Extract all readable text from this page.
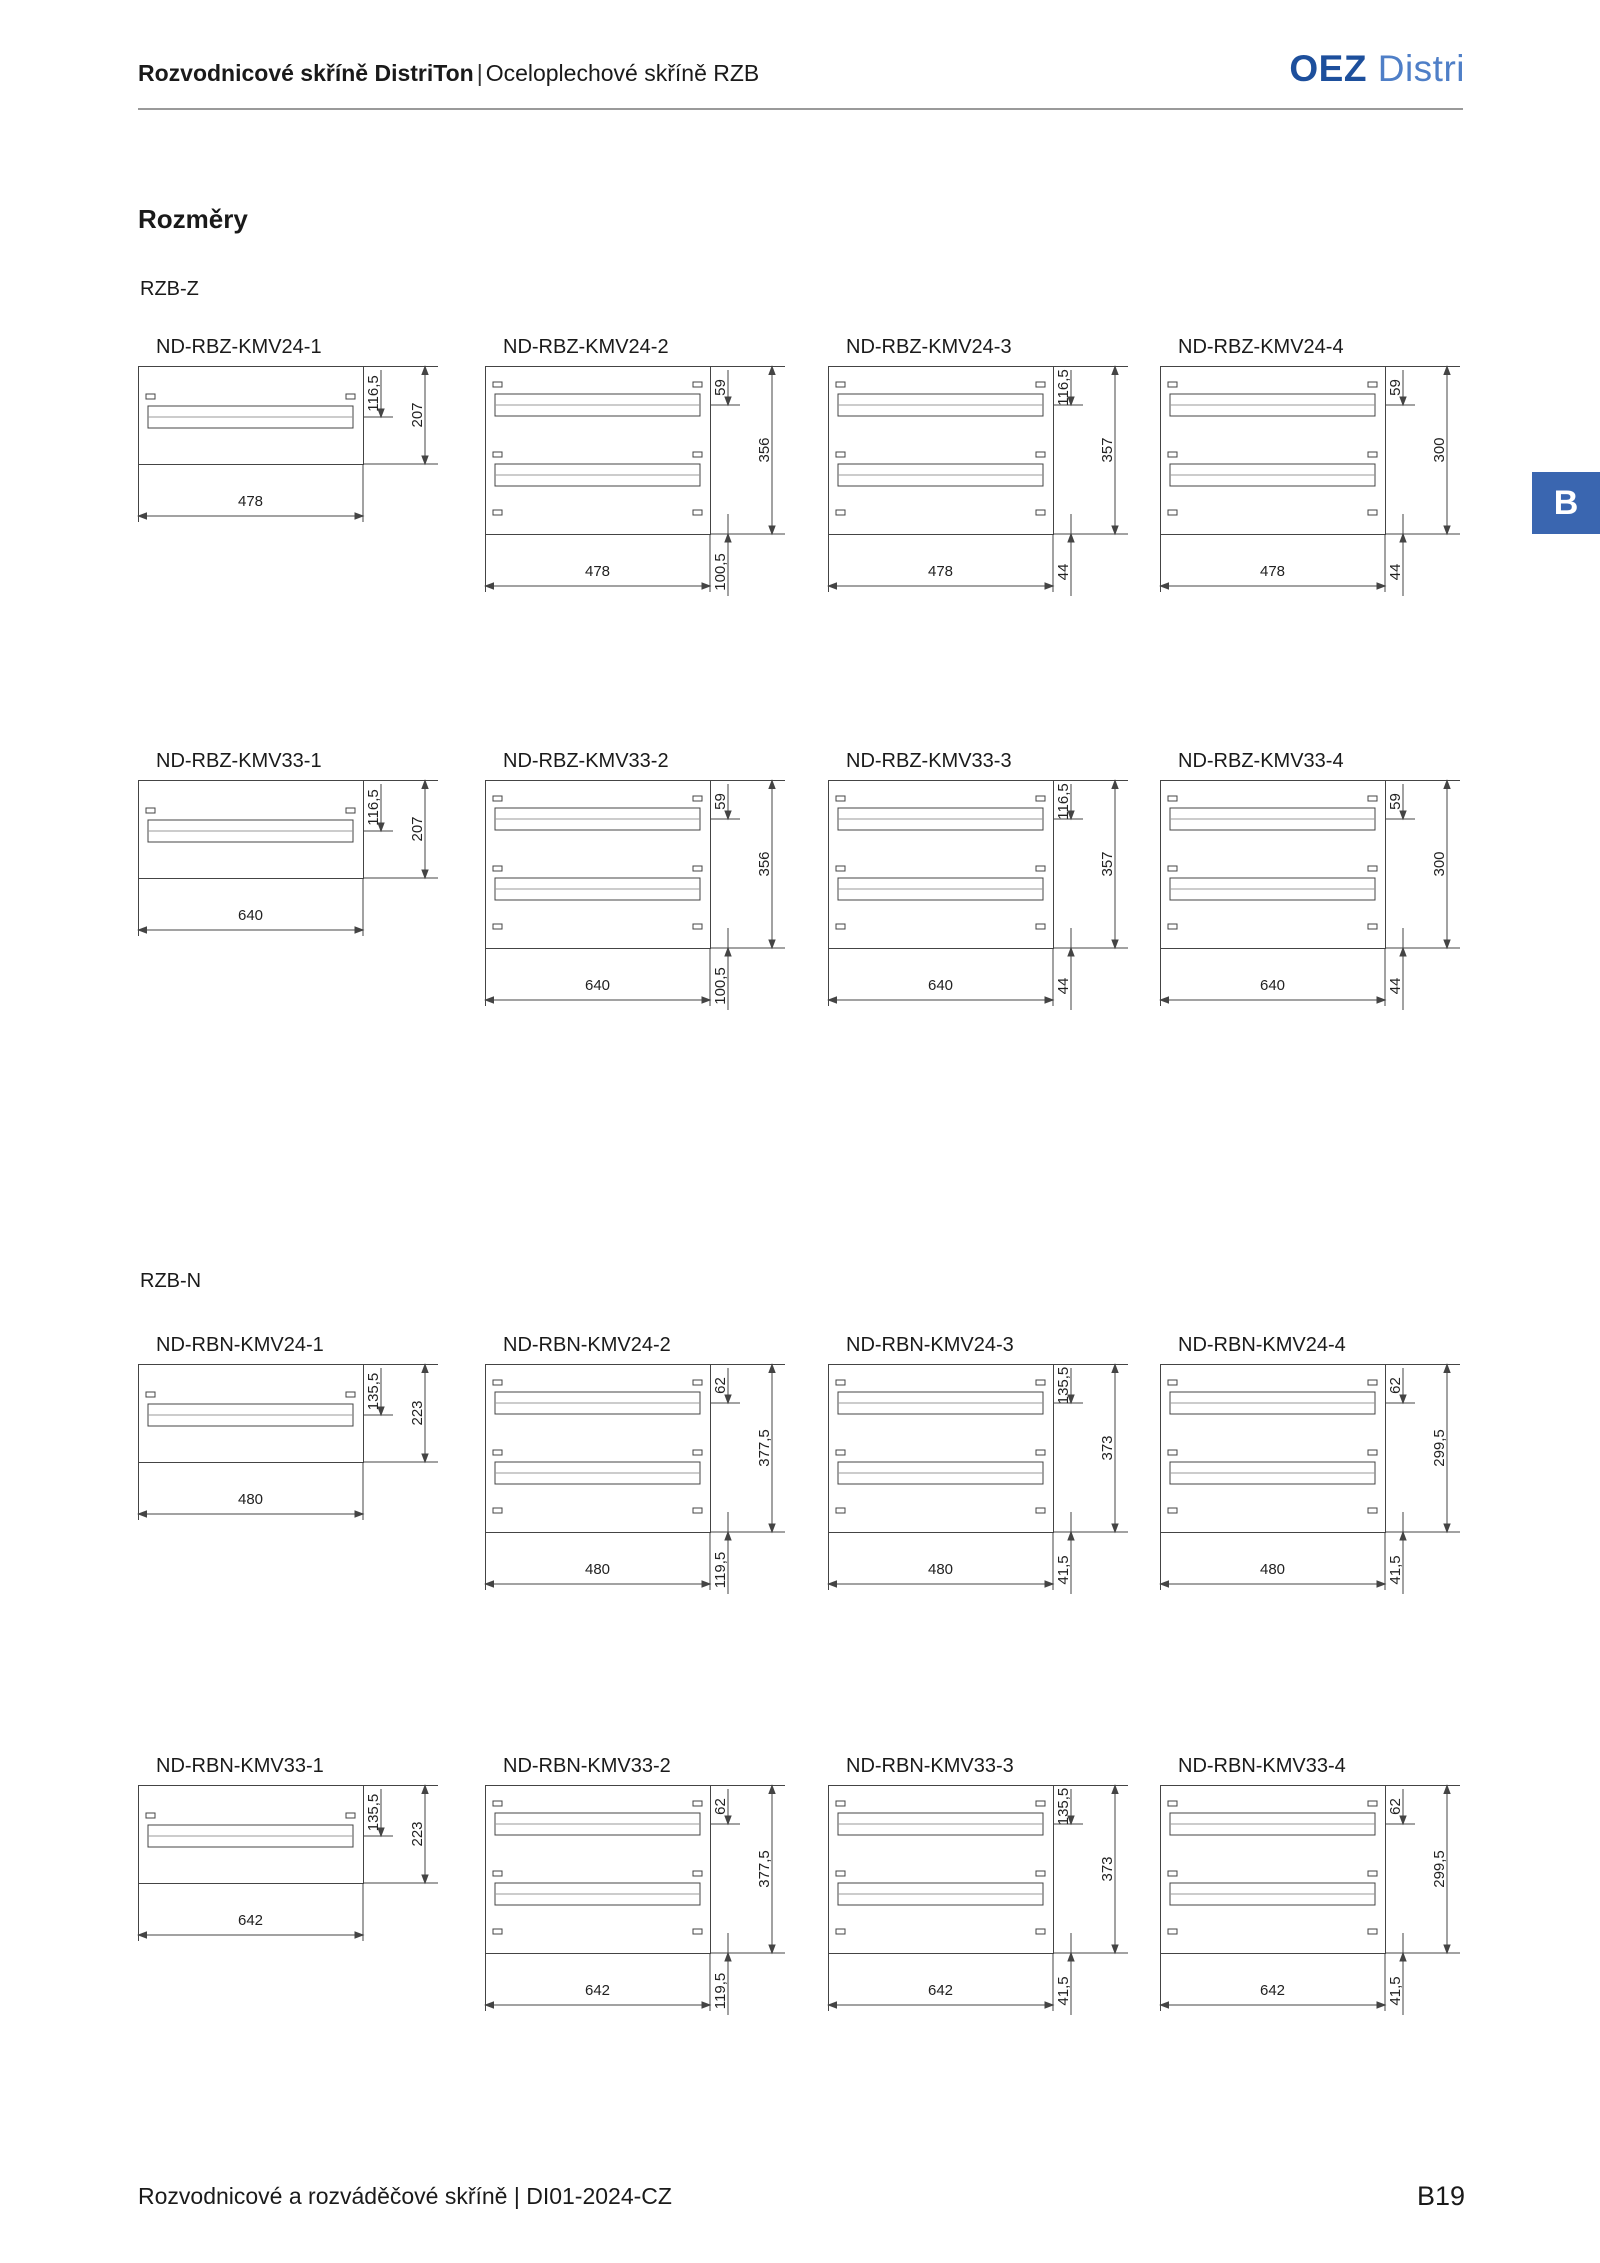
Rozvodnicové skříně DistriTon | Oceloplechové skříně RZB	OEZ Distri
B
Rozměry
RZB-Z
RZB-N
ND-RBZ-KMV24-1
478
116,5
207
ND-RBZ-KMV24-2
478
59
356
100,5
ND-RBZ-KMV24-3
478
116,5
357
44
ND-RBZ-KMV24-4
478
59
300
44
ND-RBZ-KMV33-1
640
116,5
207
ND-RBZ-KMV33-2
640
59
356
100,5
ND-RBZ-KMV33-3
640
116,5
357
44
ND-RBZ-KMV33-4
640
59
300
44
ND-RBN-KMV24-1
480
135,5
223
ND-RBN-KMV24-2
480
62
377,5
119,5
ND-RBN-KMV24-3
480
135,5
373
41,5
ND-RBN-KMV24-4
480
62
299,5
41,5
ND-RBN-KMV33-1
642
135,5
223
ND-RBN-KMV33-2
642
62
377,5
119,5
ND-RBN-KMV33-3
642
135,5
373
41,5
ND-RBN-KMV33-4
642
62
299,5
41,5
Rozvodnicové a rozváděčové skříně | DI01-2024-CZ	B19
